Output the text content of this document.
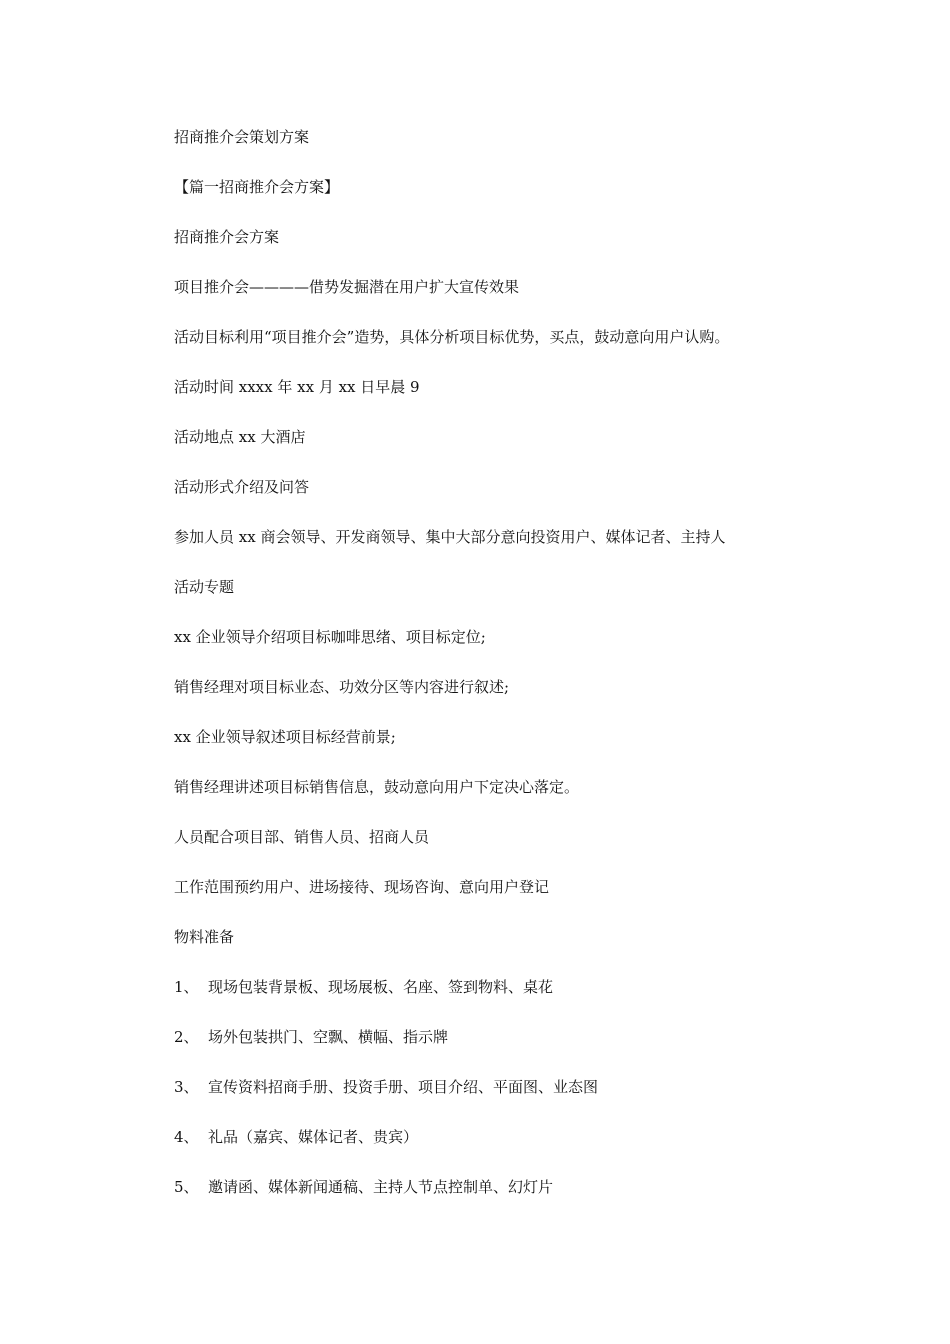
招商推介会策划方案

【篇一招商推介会方案】

招商推介会方案

项目推介会————借势发掘潜在用户扩大宣传效果

活动目标利用“项目推介会”造势，具体分析项目标优势，买点，鼓动意向用户认购。

活动时间 xxxx 年 xx 月 xx 日早晨 9

活动地点 xx 大酒店

活动形式介绍及问答

参加人员 xx 商会领导、开发商领导、集中大部分意向投资用户、媒体记者、主持人

活动专题

xx 企业领导介绍项目标咖啡思绪、项目标定位;

销售经理对项目标业态、功效分区等内容进行叙述;

xx 企业领导叙述项目标经营前景;

销售经理讲述项目标销售信息，鼓动意向用户下定决心落定。

人员配合项目部、销售人员、招商人员

工作范围预约用户、进场接待、现场咨询、意向用户登记

物料准备

1、 现场包装背景板、现场展板、名座、签到物料、桌花

2、 场外包装拱门、空飘、横幅、指示牌

3、 宣传资料招商手册、投资手册、项目介绍、平面图、业态图

4、 礼品（嘉宾、媒体记者、贵宾）

5、 邀请函、媒体新闻通稿、主持人节点控制单、幻灯片
